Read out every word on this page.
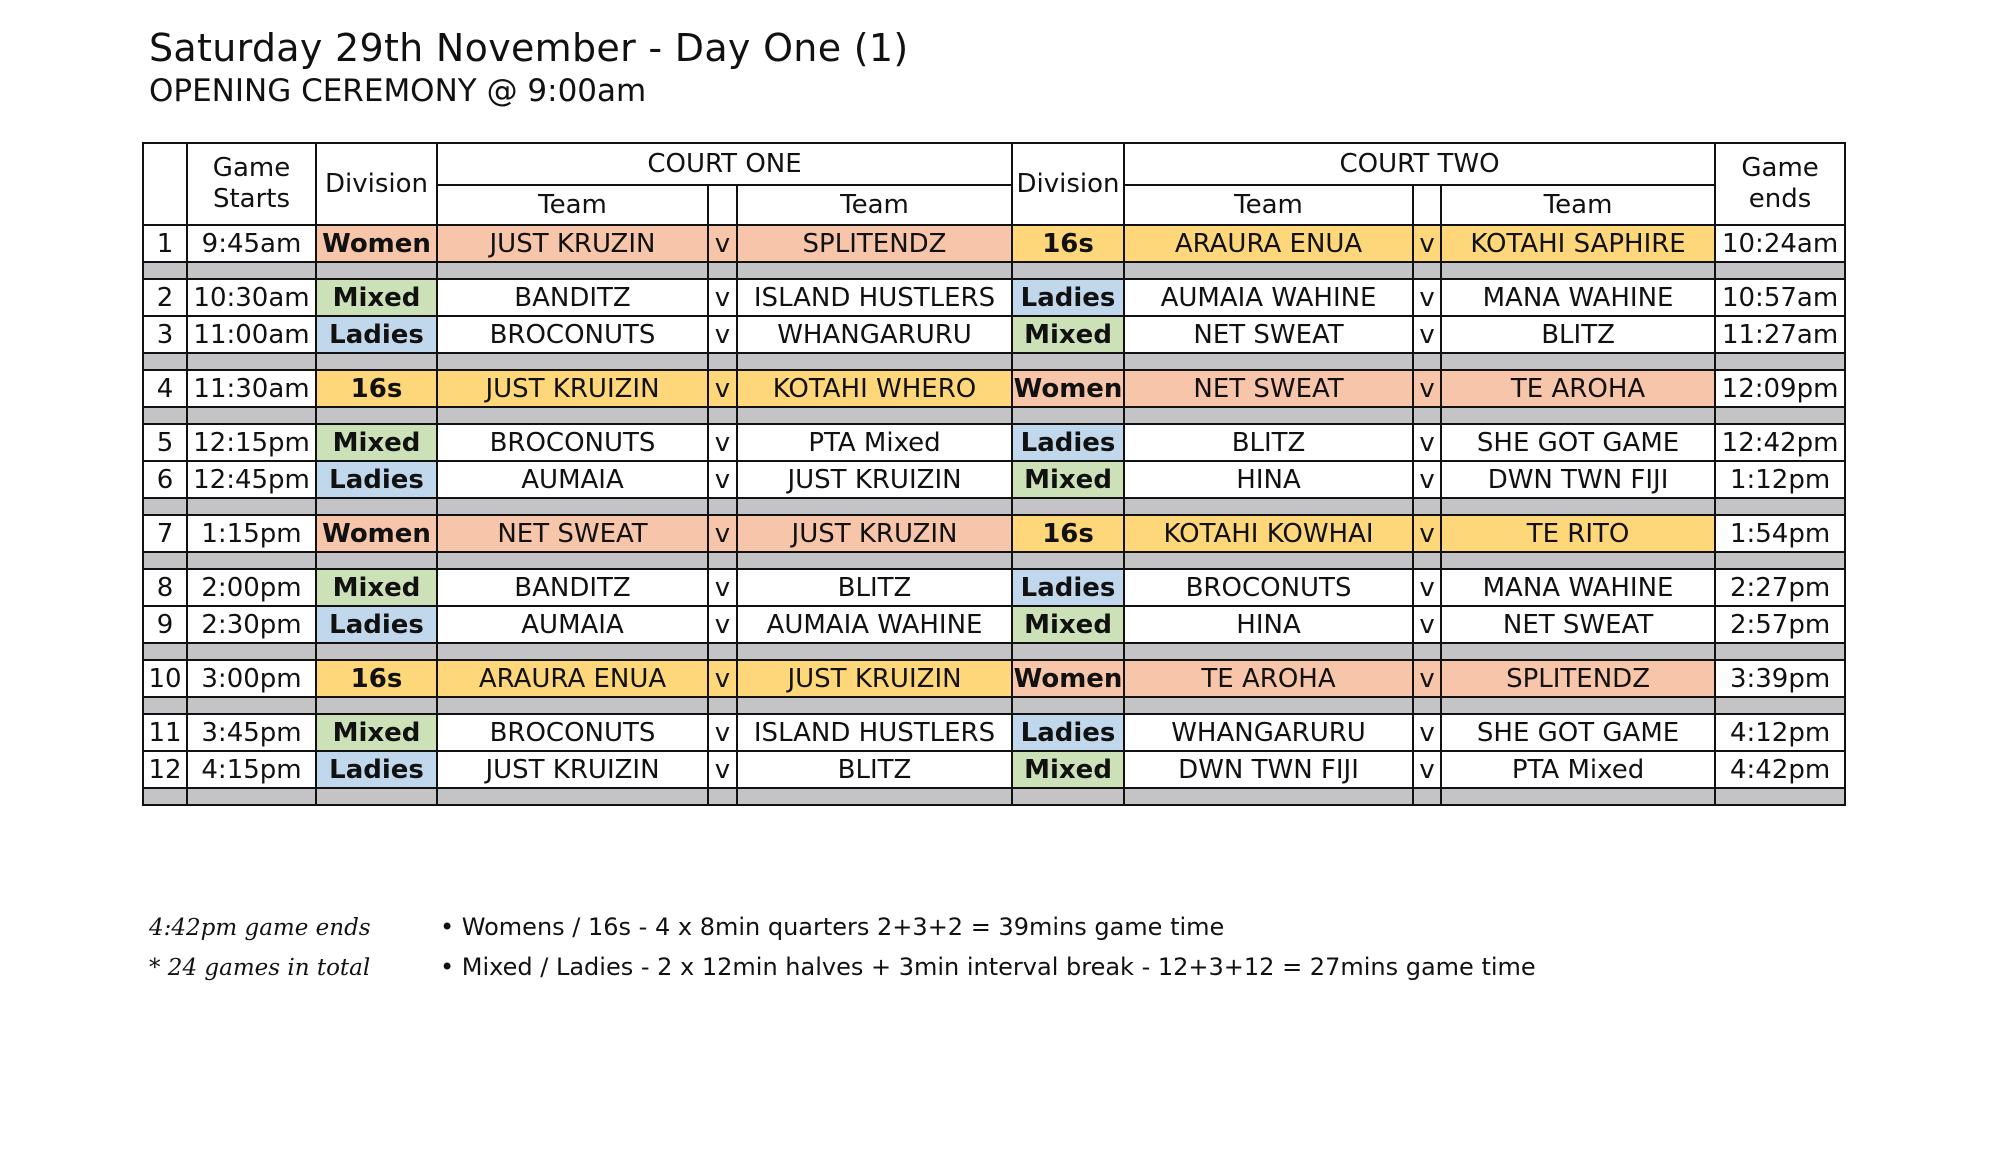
Saturday 29th November - Day One (1)
OPENING CEREMONY @ 9:00am
	Game
Starts	Division	COURT ONE			Division	COURT TWO			Game
ends
			Team		Team		Team		Team	
1	9:45am	Women	JUST KRUZIN	v	SPLITENDZ	16s	ARAURA ENUA	v	KOTAHI SAPHIRE	10:24am

2	10:30am	Mixed	BANDITZ	v	ISLAND HUSTLERS	Ladies	AUMAIA WAHINE	v	MANA WAHINE	10:57am
3	11:00am	Ladies	BROCONUTS	v	WHANGARURU	Mixed	NET SWEAT	v	BLITZ	11:27am

4	11:30am	16s	JUST KRUIZIN	v	KOTAHI WHERO	Women	NET SWEAT	v	TE AROHA	12:09pm

5	12:15pm	Mixed	BROCONUTS	v	PTA Mixed	Ladies	BLITZ	v	SHE GOT GAME	12:42pm
6	12:45pm	Ladies	AUMAIA	v	JUST KRUIZIN	Mixed	HINA	v	DWN TWN FIJI	1:12pm

7	1:15pm	Women	NET SWEAT	v	JUST KRUZIN	16s	KOTAHI KOWHAI	v	TE RITO	1:54pm

8	2:00pm	Mixed	BANDITZ	v	BLITZ	Ladies	BROCONUTS	v	MANA WAHINE	2:27pm
9	2:30pm	Ladies	AUMAIA	v	AUMAIA WAHINE	Mixed	HINA	v	NET SWEAT	2:57pm

10	3:00pm	16s	ARAURA ENUA	v	JUST KRUIZIN	Women	TE AROHA	v	SPLITENDZ	3:39pm

11	3:45pm	Mixed	BROCONUTS	v	ISLAND HUSTLERS	Ladies	WHANGARURU	v	SHE GOT GAME	4:12pm
12	4:15pm	Ladies	JUST KRUIZIN	v	BLITZ	Mixed	DWN TWN FIJI	v	PTA Mixed	4:42pm

4:42pm game ends	• Womens / 16s - 4 x 8min quarters 2+3+2 = 39mins game time
* 24 games in total	• Mixed / Ladies - 2 x 12min halves + 3min interval break - 12+3+12 = 27mins game time
